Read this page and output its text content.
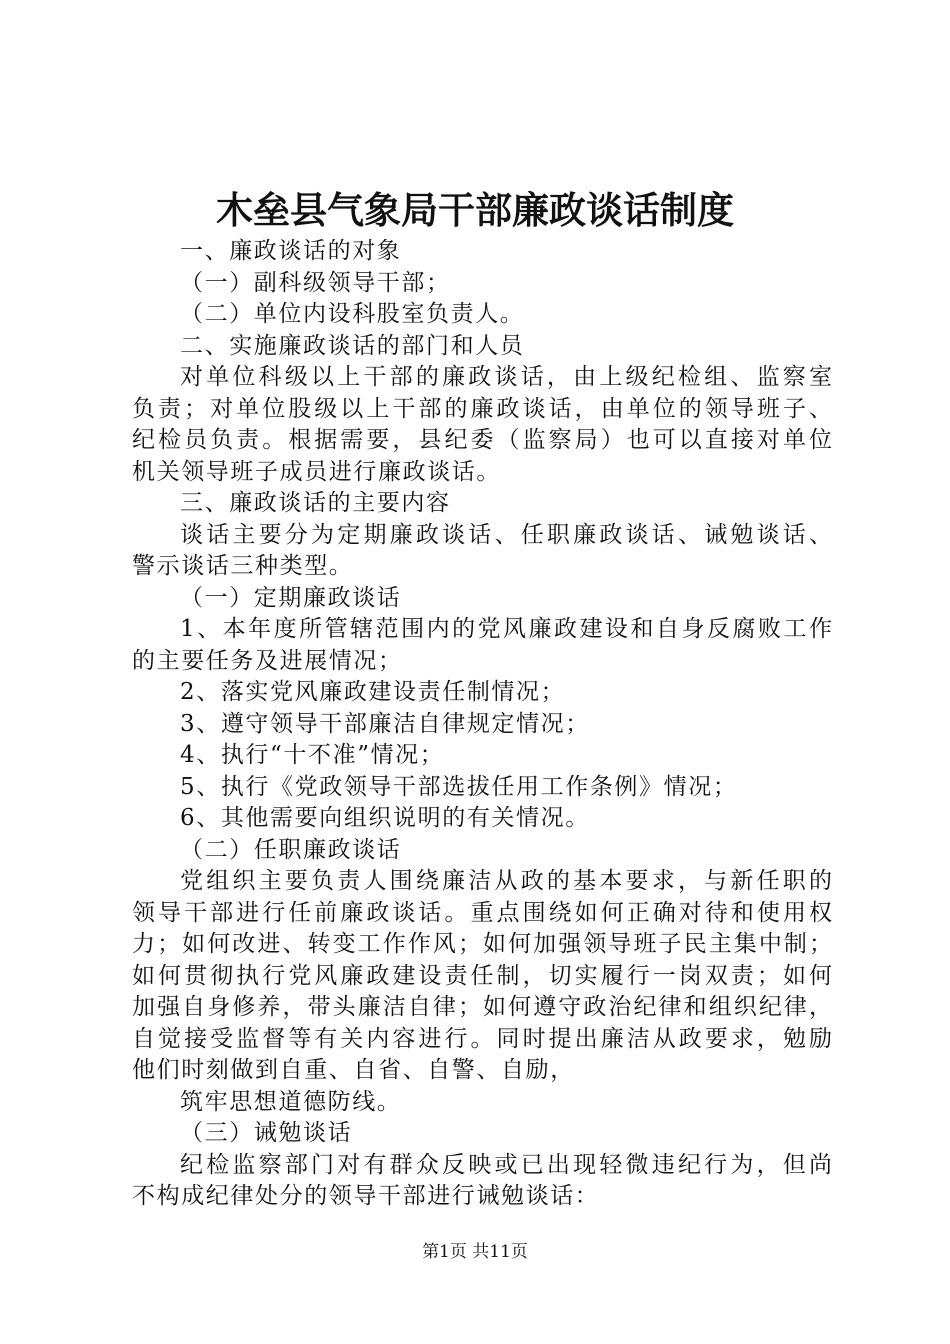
木垒县气象局干部廉政谈话制度
一、廉政谈话的对象
（一）副科级领导干部；
（二）单位内设科股室负责人。
二、实施廉政谈话的部门和人员
对单位科级以上干部的廉政谈话，由上级纪检组、监察室
负责；对单位股级以上干部的廉政谈话，由单位的领导班子、
纪检员负责。根据需要，县纪委（监察局）也可以直接对单位
机关领导班子成员进行廉政谈话。
三、廉政谈话的主要内容
谈话主要分为定期廉政谈话、任职廉政谈话、诫勉谈话、
警示谈话三种类型。
（一）定期廉政谈话
1、本年度所管辖范围内的党风廉政建设和自身反腐败工作
的主要任务及进展情况；
2、落实党风廉政建设责任制情况；
3、遵守领导干部廉洁自律规定情况；
4、执行“十不准”情况；
5、执行《党政领导干部选拔任用工作条例》情况；
6、其他需要向组织说明的有关情况。
（二）任职廉政谈话
党组织主要负责人围绕廉洁从政的基本要求，与新任职的
领导干部进行任前廉政谈话。重点围绕如何正确对待和使用权
力；如何改进、转变工作作风；如何加强领导班子民主集中制；
如何贯彻执行党风廉政建设责任制，切实履行一岗双责；如何
加强自身修养，带头廉洁自律；如何遵守政治纪律和组织纪律，
自觉接受监督等有关内容进行。同时提出廉洁从政要求，勉励
他们时刻做到自重、自省、自警、自励，
筑牢思想道德防线。
（三）诫勉谈话
纪检监察部门对有群众反映或已出现轻微违纪行为，但尚
不构成纪律处分的领导干部进行诫勉谈话：
第1页 共11页
